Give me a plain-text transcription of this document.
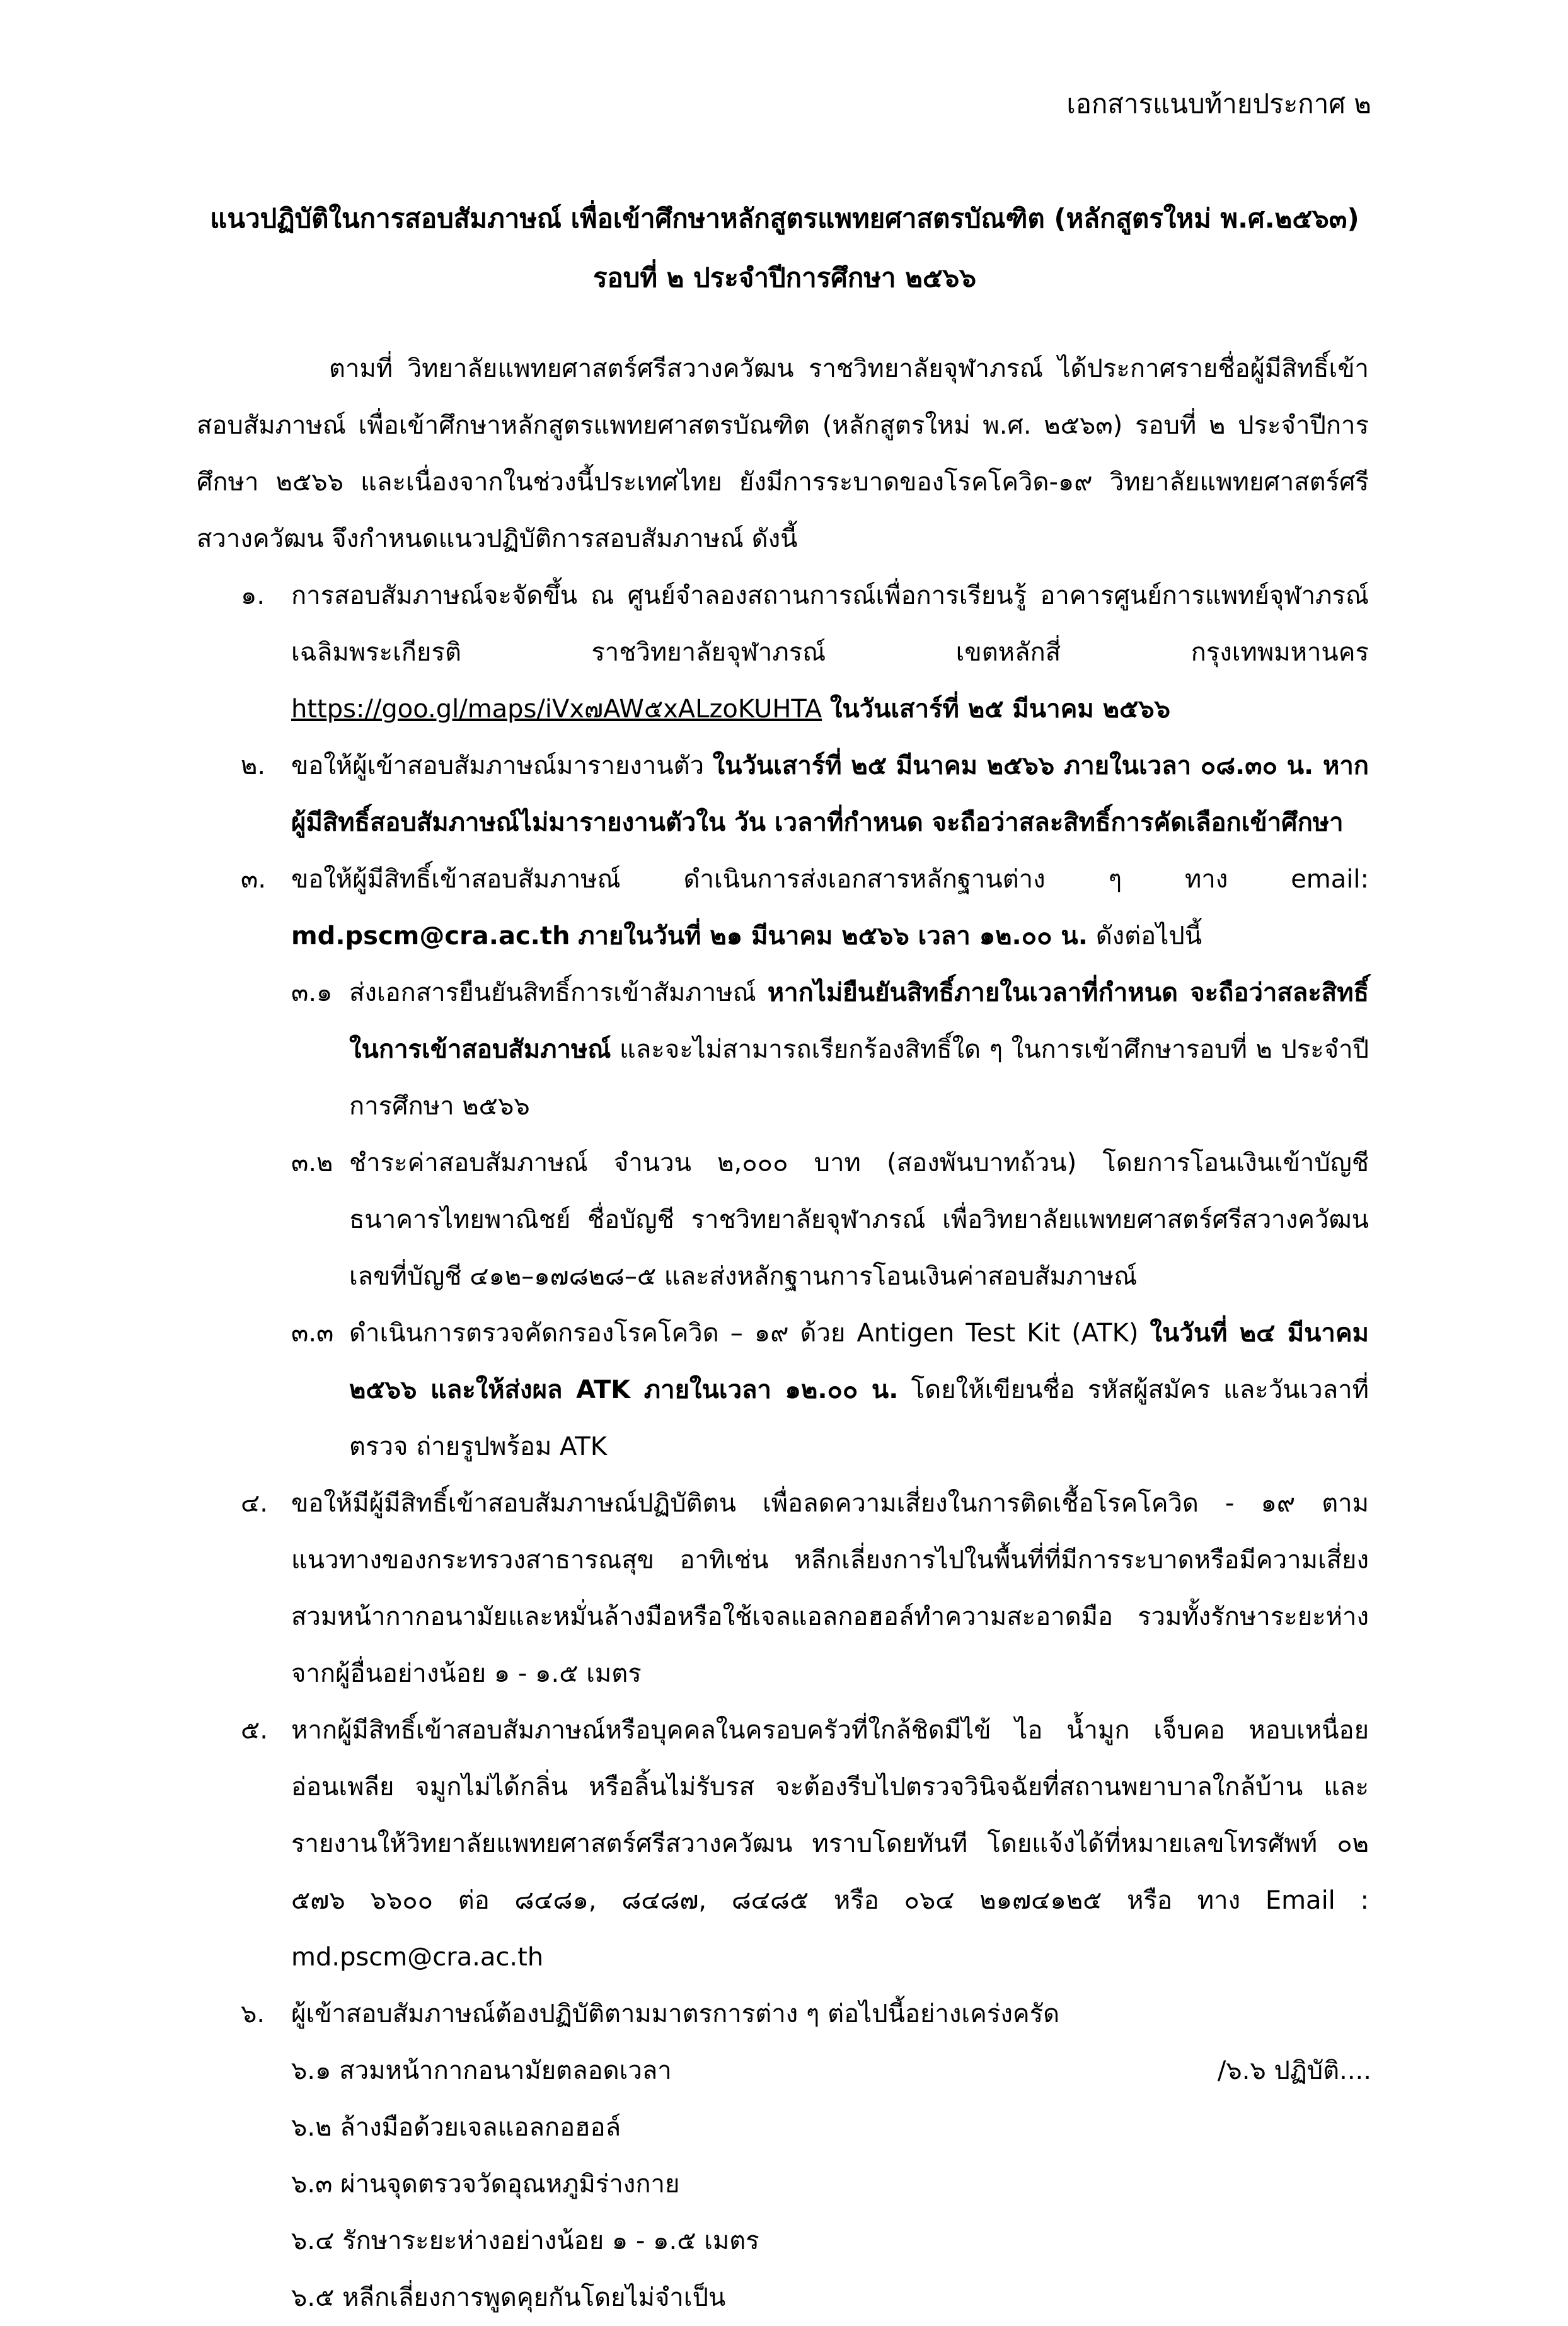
เอกสารแนบท้ายประกาศ ๒
แนวปฏิบัติในการสอบสัมภาษณ์ เพื่อเข้าศึกษาหลักสูตรแพทยศาสตรบัณฑิต (หลักสูตรใหม่ พ.ศ.๒๕๖๓)
รอบที่ ๒ ประจำปีการศึกษา ๒๕๖๖

ตามที่ วิทยาลัยแพทยศาสตร์ศรีสวางควัฒน ราชวิทยาลัยจุฬาภรณ์ ได้ประกาศรายชื่อผู้มีสิทธิ์เข้าสอบสัมภาษณ์ เพื่อเข้าศึกษาหลักสูตรแพทยศาสตรบัณฑิต (หลักสูตรใหม่ พ.ศ. ๒๕๖๓) รอบที่ ๒ ประจำปีการศึกษา ๒๕๖๖ และเนื่องจากในช่วงนี้ประเทศไทย ยังมีการระบาดของโรคโควิด-๑๙ วิทยาลัยแพทยศาสตร์ศรีสวางควัฒน จึงกำหนดแนวปฏิบัติการสอบสัมภาษณ์ ดังนี้

๑.	การสอบสัมภาษณ์จะจัดขึ้น ณ ศูนย์จำลองสถานการณ์เพื่อการเรียนรู้ อาคารศูนย์การแพทย์จุฬาภรณ์เฉลิมพระเกียรติ ราชวิทยาลัยจุฬาภรณ์ เขตหลักสี่ กรุงเทพมหานคร https://goo.gl/maps/iVx๗AW๕xALzoKUHTA ในวันเสาร์ที่ ๒๕ มีนาคม ๒๕๖๖
๒.	ขอให้ผู้เข้าสอบสัมภาษณ์มารายงานตัว ในวันเสาร์ที่ ๒๕ มีนาคม ๒๕๖๖ ภายในเวลา ๐๘.๓๐ น. หากผู้มีสิทธิ์สอบสัมภาษณ์ไม่มารายงานตัวใน วัน เวลาที่กำหนด จะถือว่าสละสิทธิ์การคัดเลือกเข้าศึกษา
๓. ขอให้ผู้มีสิทธิ์เข้าสอบสัมภาษณ์ ดำเนินการส่งเอกสารหลักฐานต่าง ๆ ทาง email: md.pscm@cra.ac.th ภายในวันที่ ๒๑ มีนาคม ๒๕๖๖ เวลา ๑๒.๐๐ น. ดังต่อไปนี้
๓.๑ ส่งเอกสารยืนยันสิทธิ์การเข้าสัมภาษณ์ หากไม่ยืนยันสิทธิ์ภายในเวลาที่กำหนด จะถือว่าสละสิทธิ์ในการเข้าสอบสัมภาษณ์ และจะไม่สามารถเรียกร้องสิทธิ์ใด ๆ ในการเข้าศึกษารอบที่ ๒ ประจำปีการศึกษา ๒๕๖๖
๓.๒ ชำระค่าสอบสัมภาษณ์ จำนวน ๒,๐๐๐ บาท (สองพันบาทถ้วน) โดยการโอนเงินเข้าบัญชีธนาคารไทยพาณิชย์ ชื่อบัญชี ราชวิทยาลัยจุฬาภรณ์ เพื่อวิทยาลัยแพทยศาสตร์ศรีสวางควัฒน เลขที่บัญชี ๔๑๒–๑๗๘๒๘–๕ และส่งหลักฐานการโอนเงินค่าสอบสัมภาษณ์
๓.๓ ดำเนินการตรวจคัดกรองโรคโควิด – ๑๙ ด้วย Antigen Test Kit (ATK) ในวันที่ ๒๔ มีนาคม ๒๕๖๖ และให้ส่งผล ATK ภายในเวลา ๑๒.๐๐ น. โดยให้เขียนชื่อ รหัสผู้สมัคร และวันเวลาที่ตรวจ ถ่ายรูปพร้อม ATK
๔. ขอให้มีผู้มีสิทธิ์เข้าสอบสัมภาษณ์ปฏิบัติตน เพื่อลดความเสี่ยงในการติดเชื้อโรคโควิด - ๑๙ ตามแนวทางของกระทรวงสาธารณสุข อาทิเช่น หลีกเลี่ยงการไปในพื้นที่ที่มีการระบาดหรือมีความเสี่ยง สวมหน้ากากอนามัยและหมั่นล้างมือหรือใช้เจลแอลกอฮอล์ทำความสะอาดมือ รวมทั้งรักษาระยะห่างจากผู้อื่นอย่างน้อย ๑ - ๑.๕ เมตร
๕. หากผู้มีสิทธิ์เข้าสอบสัมภาษณ์หรือบุคคลในครอบครัวที่ใกล้ชิดมีไข้ ไอ น้ำมูก เจ็บคอ หอบเหนื่อย อ่อนเพลีย จมูกไม่ได้กลิ่น หรือลิ้นไม่รับรส จะต้องรีบไปตรวจวินิจฉัยที่สถานพยาบาลใกล้บ้าน และรายงานให้วิทยาลัยแพทยศาสตร์ศรีสวางควัฒน ทราบโดยทันที โดยแจ้งได้ที่หมายเลขโทรศัพท์ ๐๒ ๕๗๖ ๖๖๐๐ ต่อ ๘๔๘๑, ๘๔๘๗, ๘๔๘๕ หรือ ๐๖๔ ๒๑๗๔๑๒๕ หรือ ทาง Email : md.pscm@cra.ac.th
๖.	ผู้เข้าสอบสัมภาษณ์ต้องปฏิบัติตามมาตรการต่าง ๆ ต่อไปนี้อย่างเคร่งครัด

๖.๑ สวมหน้ากากอนามัยตลอดเวลา

๖.๒ ล้างมือด้วยเจลแอลกอฮอล์

๖.๓ ผ่านจุดตรวจวัดอุณหภูมิร่างกาย

๖.๔ รักษาระยะห่างอย่างน้อย ๑ - ๑.๕ เมตร

๖.๕ หลีกเลี่ยงการพูดคุยกันโดยไม่จำเป็น

/๖.๖ ปฏิบัติ....
